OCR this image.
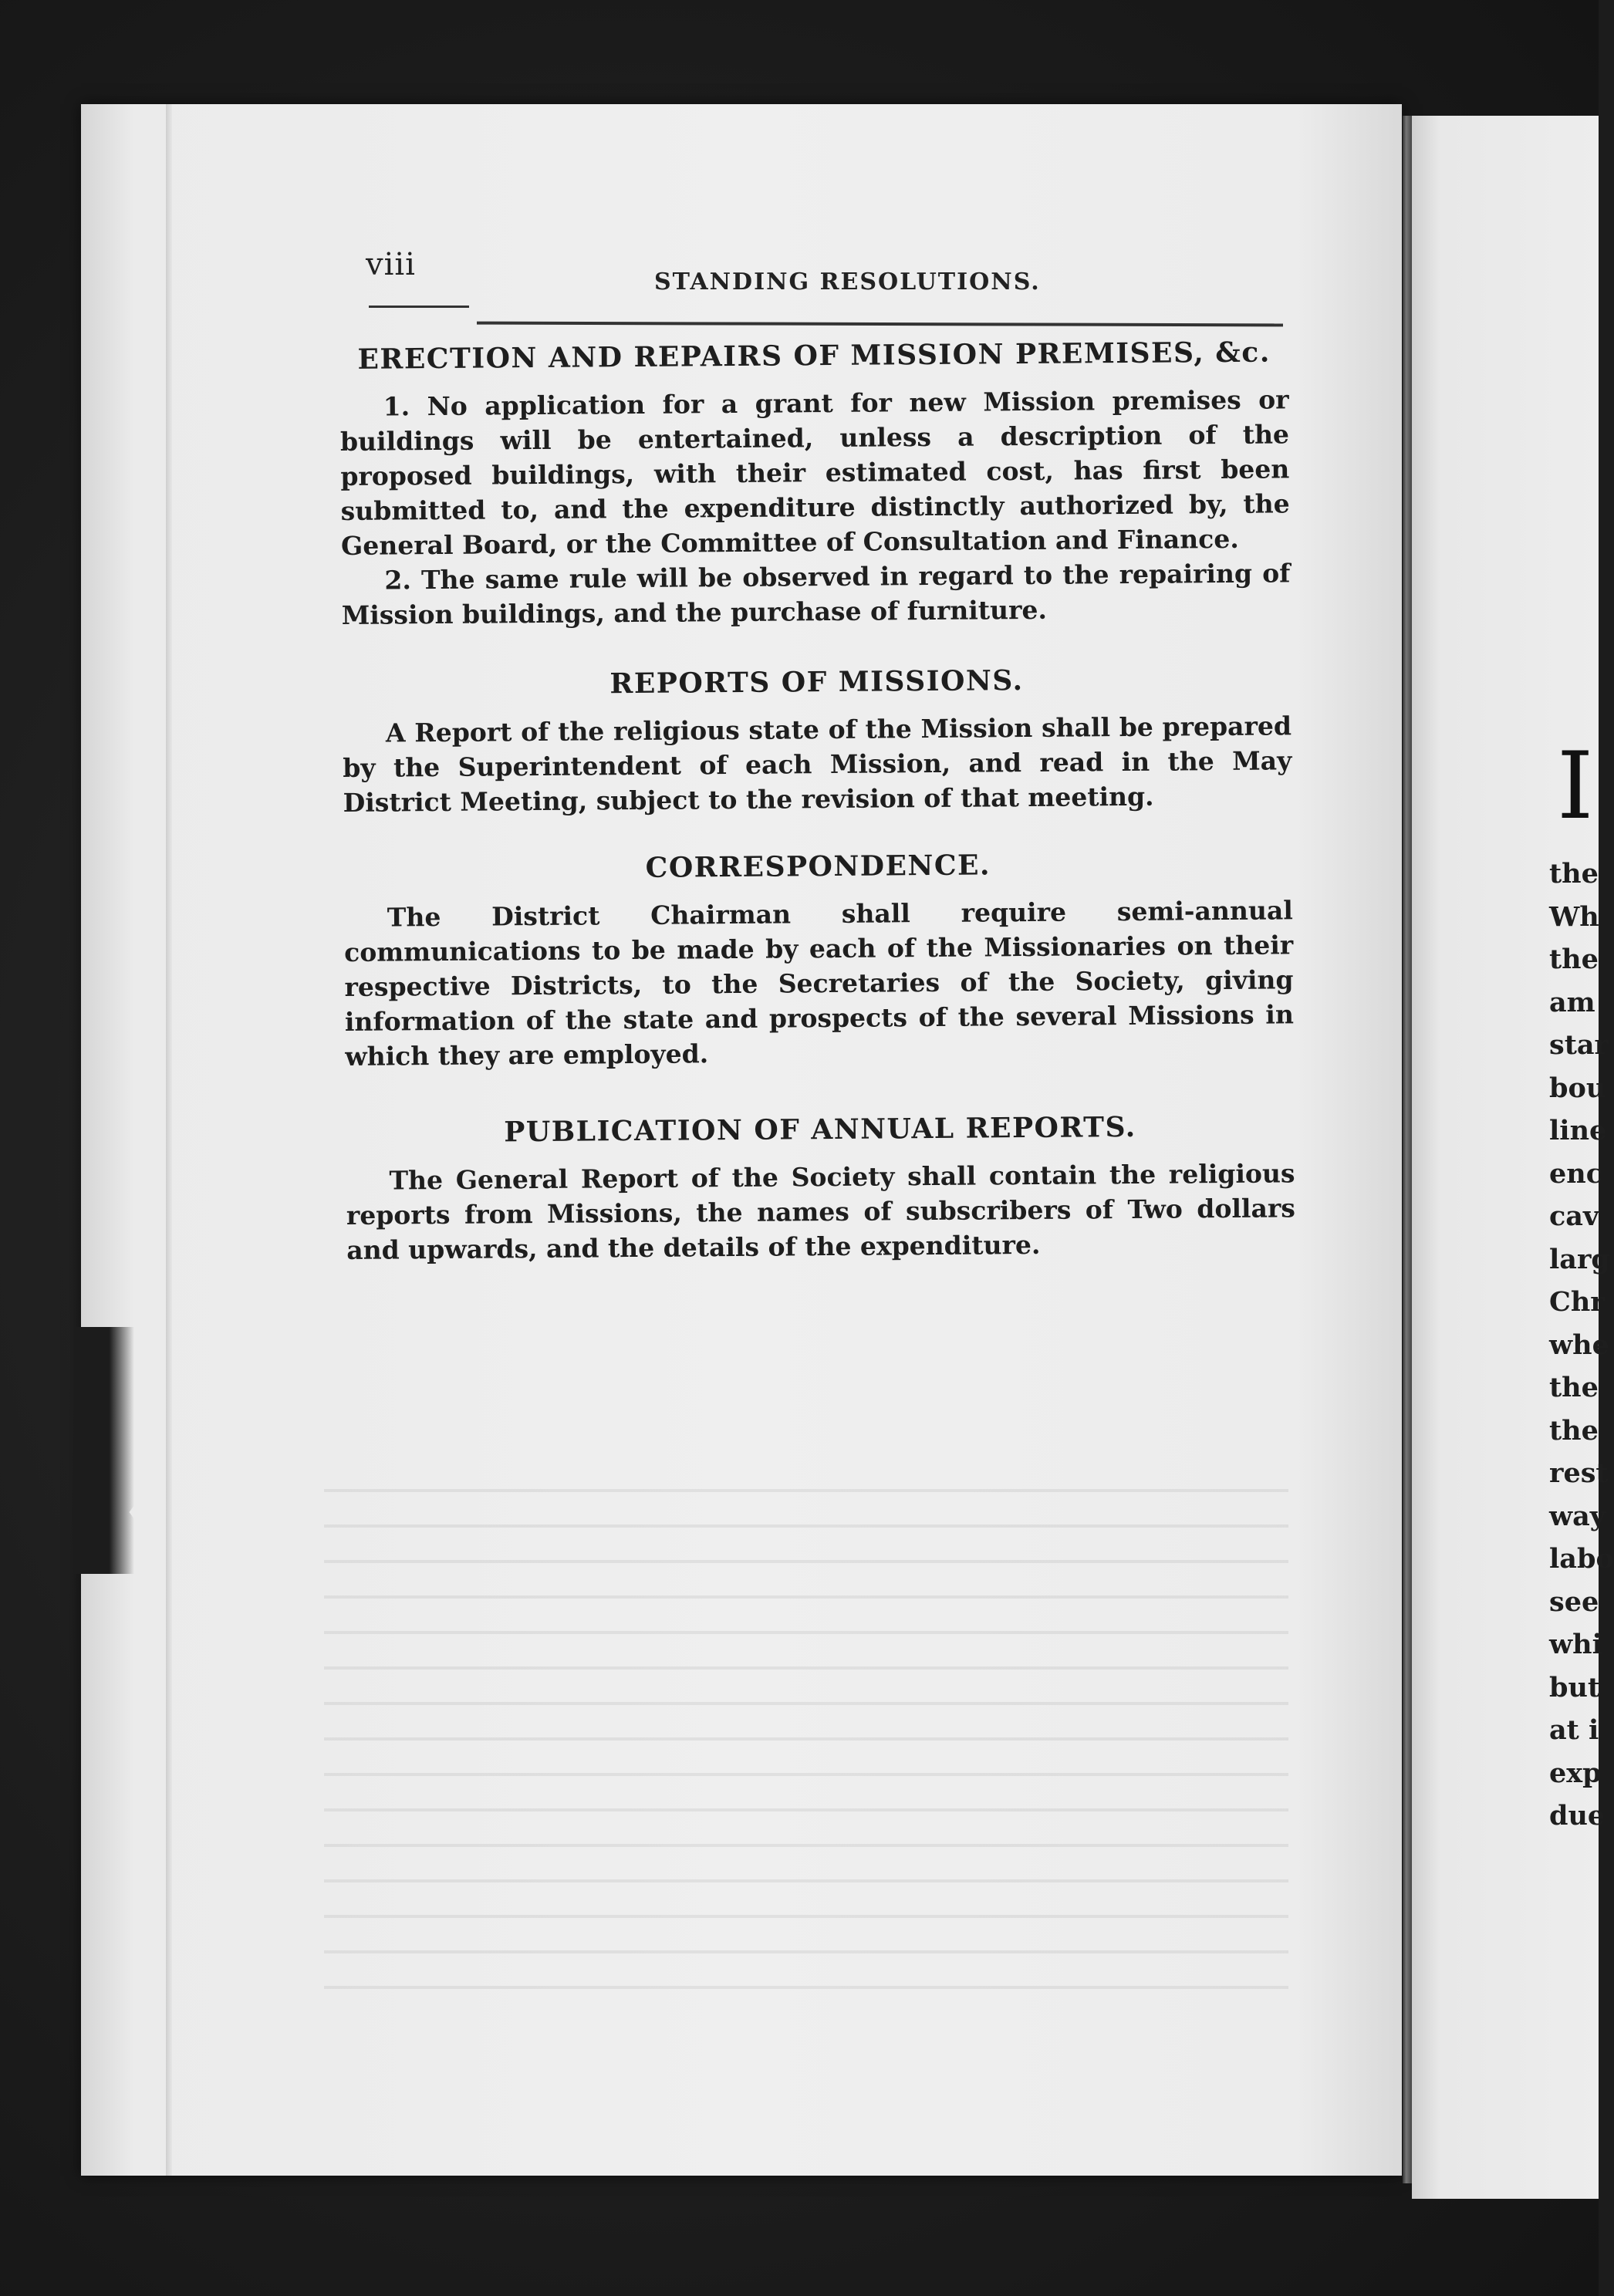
viii	STANDING RESOLUTIONS.
ERECTION AND REPAIRS OF MISSION PREMISES, &c.

1. No application for a grant for new Mission premises or buildings will be entertained, unless a description of the proposed buildings, with their estimated cost, has first been submitted to, and the expenditure distinctly authorized by, the General Board, or the Committee of Consultation and Finance.

2. The same rule will be observed in regard to the repairing of Mission buildings, and the purchase of furniture.

REPORTS OF MISSIONS.

A Report of the religious state of the Mission shall be prepared by the Superintendent of each Mission, and read in the May District Meeting, subject to the revision of that meeting.

CORRESPONDENCE.

The District Chairman shall require semi-annual communications to be made by each of the Missionaries on their respective Districts, to the Secretaries of the Society, giving information of the state and prospects of the several Missions in which they are employed.

PUBLICATION OF ANNUAL REPORTS.

The General Report of the Society shall contain the religious reports from Missions, the names of subscribers of Two dollars and upwards, and the details of the expenditure.

I
the
Wh
the
am
star
bou
line
enc
cav
larg
Chr
whe
the
the
rest
way
labo
see
whi
but
at i
exp
due
